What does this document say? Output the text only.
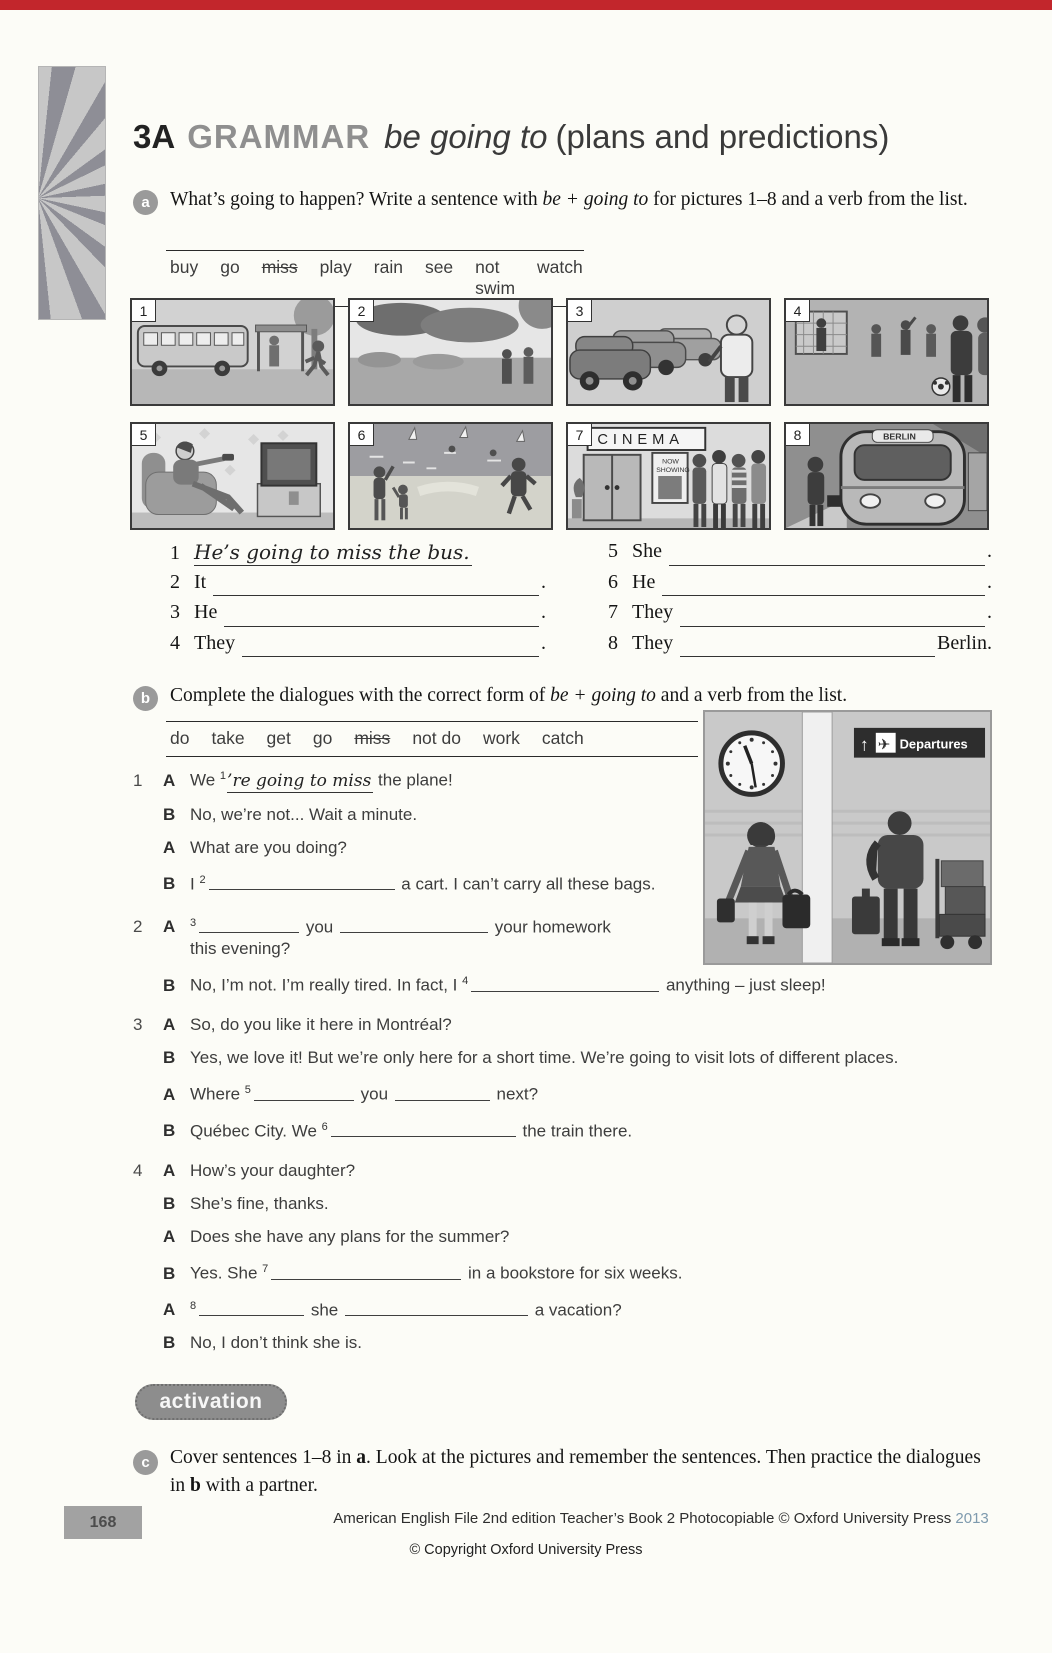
3A GRAMMAR be going to (plans and predictions)
a	What’s going to happen? Write a sentence with be + going to for pictures 1–8 and a verb from the list.
buy go miss play rain see not swim
watch
1	2	3	4
5	6	CINEMA
NOW
SHOWING
7	BERLIN
8
1 He’s going to miss the bus.
2 It	.
3 He	.
4 They	.
5 She	.
6 He	.
7 They	.
8 They	Berlin.
b	Complete the dialogues with the correct form of be + going to and a verb from the list.
do take get go miss not do work catch	↑ ✈ Departures
1	A We $^1$’re going to miss the plane!
B No, we’re not... Wait a minute.
A What are you doing?
B I $^2$	a cart. I can’t carry all these bags.
2	A	$^3$	you	your homework
this evening?
B No, I’m not. I’m really tired. In fact, I $^4$	anything – just sleep!
3	A So, do you like it here in Montréal?
B Yes, we love it! But we’re only here for a short time. We’re going to visit lots of different places.
A Where $^5$	you	next?
B Québec City. We $^6$	the train there.
4	A How’s your daughter?
B She’s fine, thanks.
A Does she have any plans for the summer?
B Yes. She $^7$	in a bookstore for six weeks.
A	$^8$	she	a vacation?
B No, I don’t think she is.
activation
c	Cover sentences 1–8 in a. Look at the pictures and remember the sentences. Then practice the dialogues in b with a partner.
168	American English File 2nd edition Teacher’s Book 2 Photocopiable © Oxford University Press 2013
© Copyright Oxford University Press
